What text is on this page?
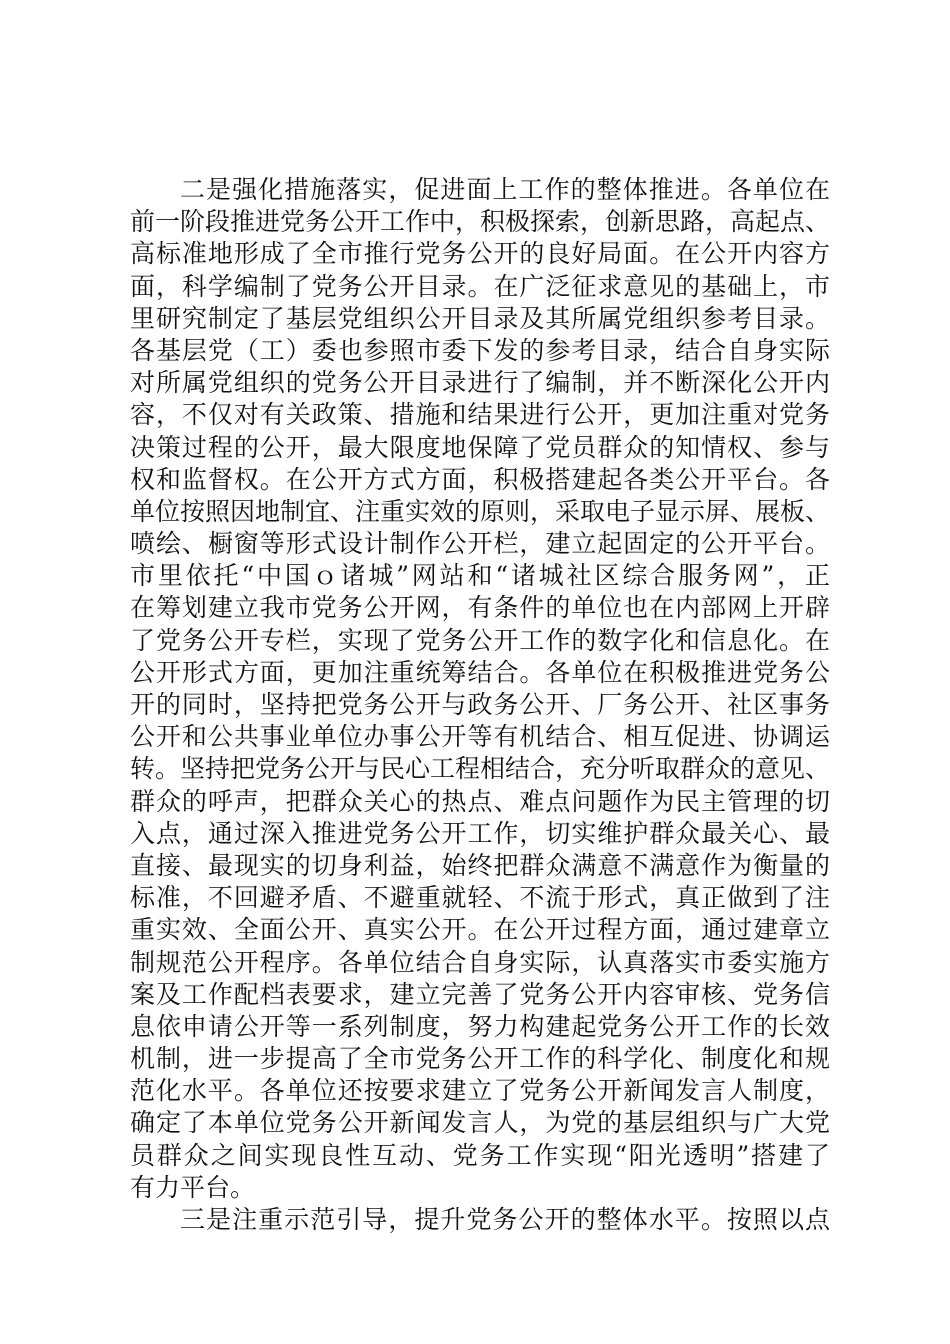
二是强化措施落实，促进面上工作的整体推进。各单位在
前一阶段推进党务公开工作中，积极探索，创新思路，高起点、
高标准地形成了全市推行党务公开的良好局面。在公开内容方
面，科学编制了党务公开目录。在广泛征求意见的基础上，市
里研究制定了基层党组织公开目录及其所属党组织参考目录。
各基层党（工）委也参照市委下发的参考目录，结合自身实际
对所属党组织的党务公开目录进行了编制，并不断深化公开内
容，不仅对有关政策、措施和结果进行公开，更加注重对党务
决策过程的公开，最大限度地保障了党员群众的知情权、参与
权和监督权。在公开方式方面，积极搭建起各类公开平台。各
单位按照因地制宜、注重实效的原则，采取电子显示屏、展板、
喷绘、橱窗等形式设计制作公开栏，建立起固定的公开平台。
市里依托“中国ｏ诸城”网站和“诸城社区综合服务网”，正
在筹划建立我市党务公开网，有条件的单位也在内部网上开辟
了党务公开专栏，实现了党务公开工作的数字化和信息化。在
公开形式方面，更加注重统筹结合。各单位在积极推进党务公
开的同时，坚持把党务公开与政务公开、厂务公开、社区事务
公开和公共事业单位办事公开等有机结合、相互促进、协调运
转。坚持把党务公开与民心工程相结合，充分听取群众的意见、
群众的呼声，把群众关心的热点、难点问题作为民主管理的切
入点，通过深入推进党务公开工作，切实维护群众最关心、最
直接、最现实的切身利益，始终把群众满意不满意作为衡量的
标准，不回避矛盾、不避重就轻、不流于形式，真正做到了注
重实效、全面公开、真实公开。在公开过程方面，通过建章立
制规范公开程序。各单位结合自身实际，认真落实市委实施方
案及工作配档表要求，建立完善了党务公开内容审核、党务信
息依申请公开等一系列制度，努力构建起党务公开工作的长效
机制，进一步提高了全市党务公开工作的科学化、制度化和规
范化水平。各单位还按要求建立了党务公开新闻发言人制度，
确定了本单位党务公开新闻发言人，为党的基层组织与广大党
员群众之间实现良性互动、党务工作实现“阳光透明”搭建了
有力平台。
三是注重示范引导，提升党务公开的整体水平。按照以点
